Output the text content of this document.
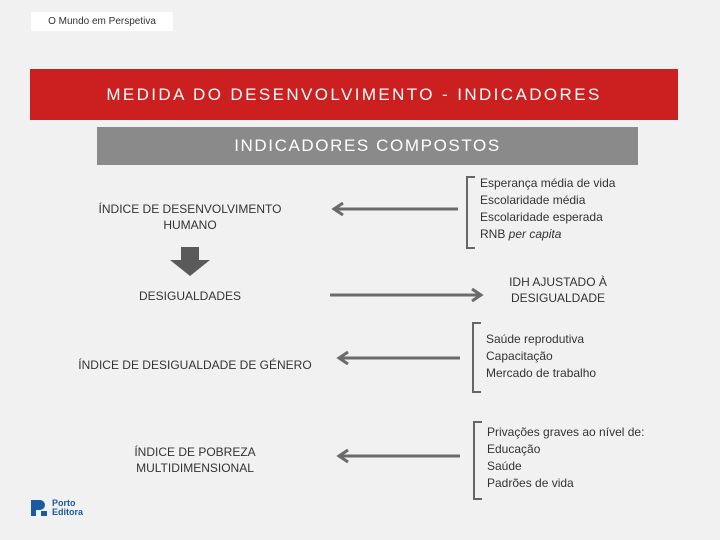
O Mundo em Perspetiva
MEDIDA DO DESENVOLVIMENTO - INDICADORES
INDICADORES COMPOSTOS
ÍNDICE DE DESENVOLVIMENTO HUMANO
DESIGUALDADES
ÍNDICE DE DESIGUALDADE DE GÉNERO
ÍNDICE DE POBREZA MULTIDIMENSIONAL
Esperança média de vida
Escolaridade média
Escolaridade esperada
RNB per capita
IDH AJUSTADO À DESIGUALDADE
Saúde reprodutiva
Capacitação
Mercado de trabalho
Privações graves ao nível de:
Educação
Saúde
Padrões de vida
Porto
Editora
